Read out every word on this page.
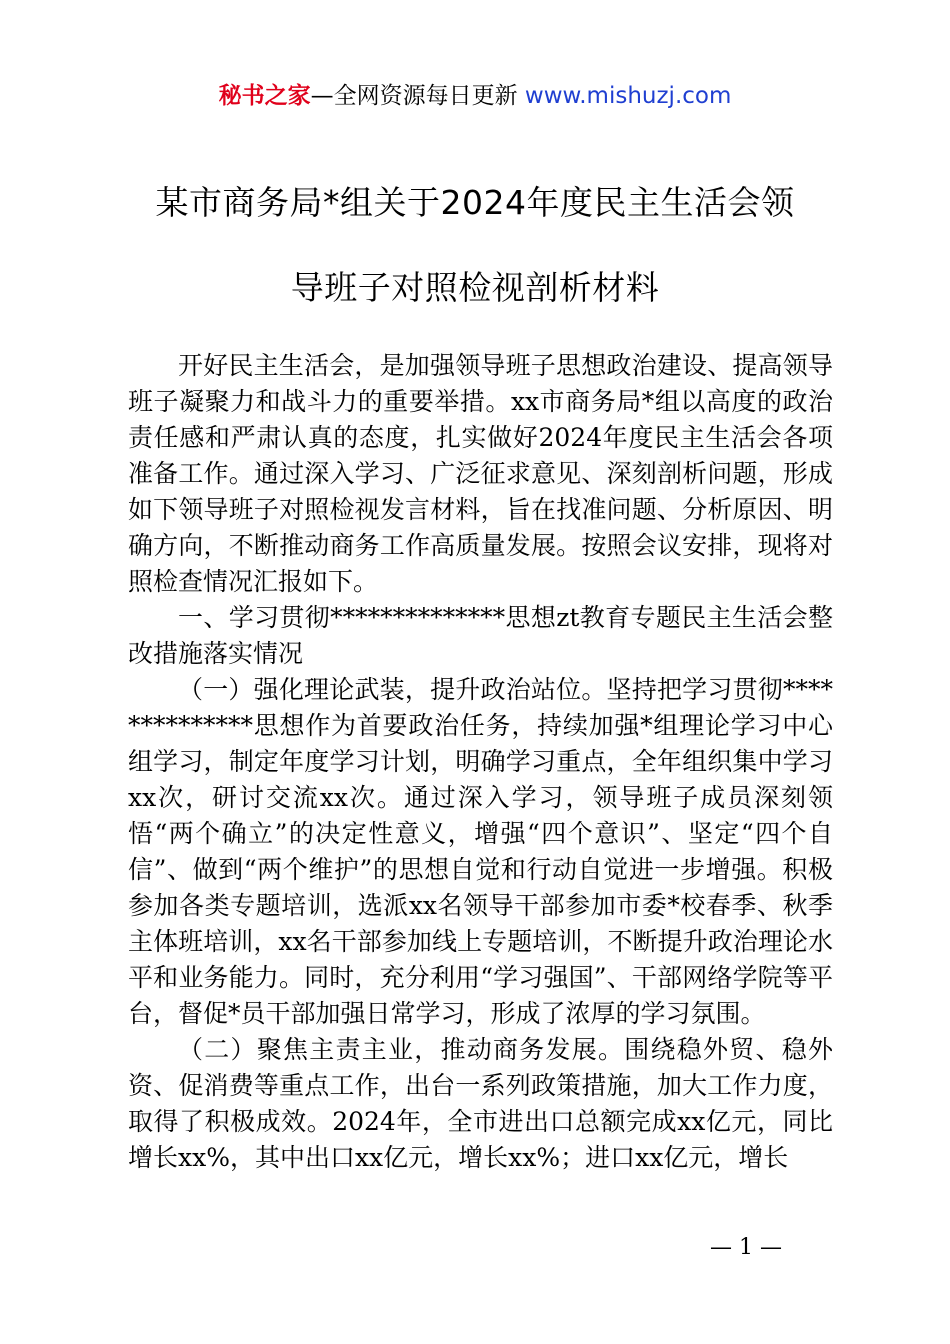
秘书之家—全网资源每日更新 www.mishuzj.com
某市商务局*组关于2024年度民主生活会领
导班子对照检视剖析材料

开好民主生活会，是加强领导班子思想政治建设、提高领导班子凝聚力和战斗力的重要举措。xx市商务局*组以高度的政治责任感和严肃认真的态度，扎实做好2024年度民主生活会各项准备工作。通过深入学习、广泛征求意见、深刻剖析问题，形成如下领导班子对照检视发言材料，旨在找准问题、分析原因、明确方向，不断推动商务工作高质量发展。按照会议安排，现将对照检查情况汇报如下。

一、学习贯彻**************思想zt教育专题民主生活会整改措施落实情况

（一）强化理论武装，提升政治站位。坚持把学习贯彻**************思想作为首要政治任务，持续加强*组理论学习中心组学习，制定年度学习计划，明确学习重点，全年组织集中学习xx次，研讨交流xx次。通过深入学习，领导班子成员深刻领悟“两个确立”的决定性意义，增强“四个意识”、坚定“四个自信”、做到“两个维护”的思想自觉和行动自觉进一步增强。积极参加各类专题培训，选派xx名领导干部参加市委*校春季、秋季主体班培训，xx名干部参加线上专题培训，不断提升政治理论水平和业务能力。同时，充分利用“学习强国”、干部网络学院等平台，督促*员干部加强日常学习，形成了浓厚的学习氛围。

（二）聚焦主责主业，推动商务发展。围绕稳外贸、稳外资、促消费等重点工作，出台一系列政策措施，加大工作力度，取得了积极成效。2024年，全市进出口总额完成xx亿元，同比增长xx%，其中出口xx亿元，增长xx%；进口xx亿元，增长

— 1 —
